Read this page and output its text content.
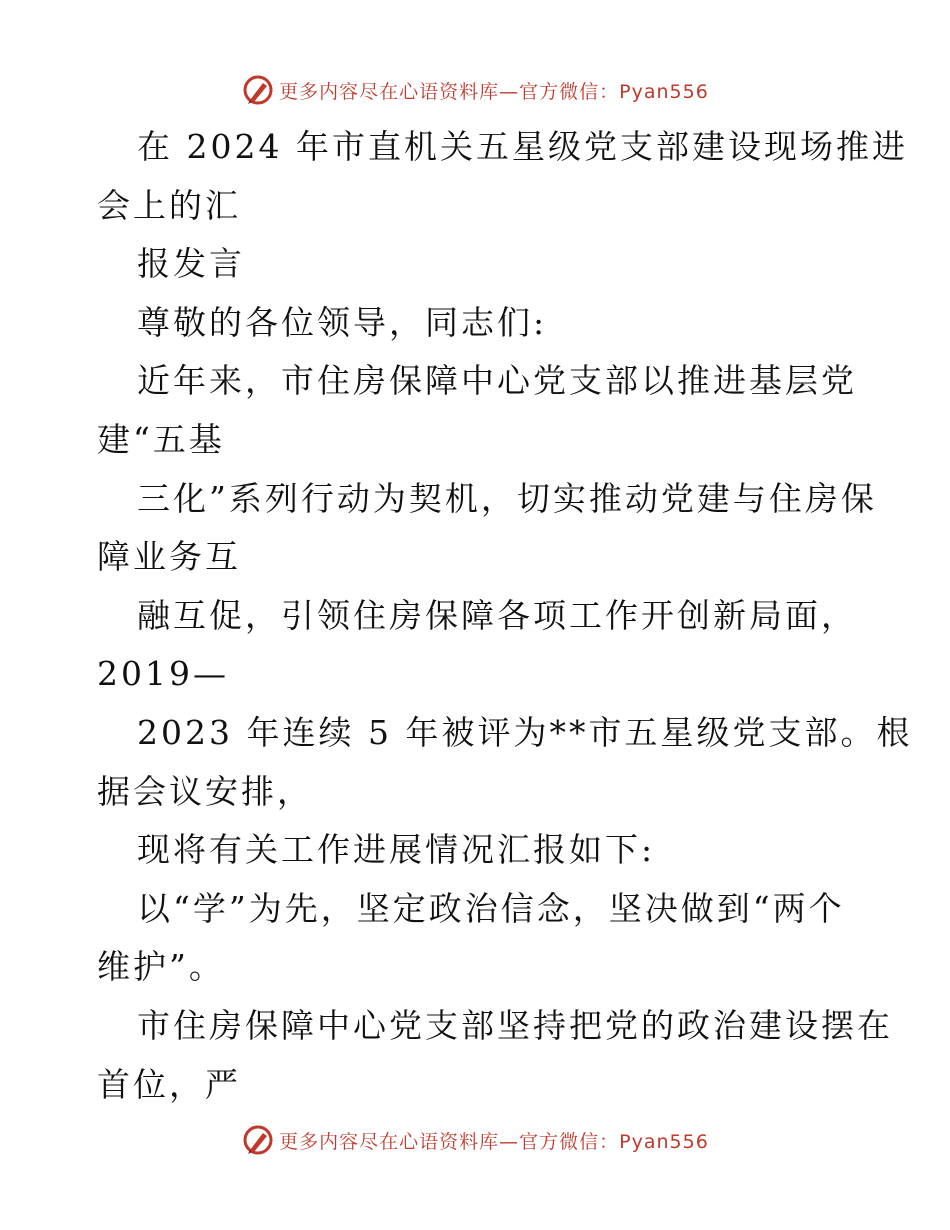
更多内容尽在心语资料库—官方微信：Pyan556
在 2024 年市直机关五星级党支部建设现场推进
会上的汇
报发言
尊敬的各位领导，同志们:
近年来，市住房保障中心党支部以推进基层党
建“五基
三化”系列行动为契机，切实推动党建与住房保
障业务互
融互促，引领住房保障各项工作开创新局面，
2019—
2023 年连续 5 年被评为**市五星级党支部。根
据会议安排，
现将有关工作进展情况汇报如下:
以“学”为先，坚定政治信念，坚决做到“两个
维护”。
市住房保障中心党支部坚持把党的政治建设摆在
首位，严
更多内容尽在心语资料库—官方微信：Pyan556
